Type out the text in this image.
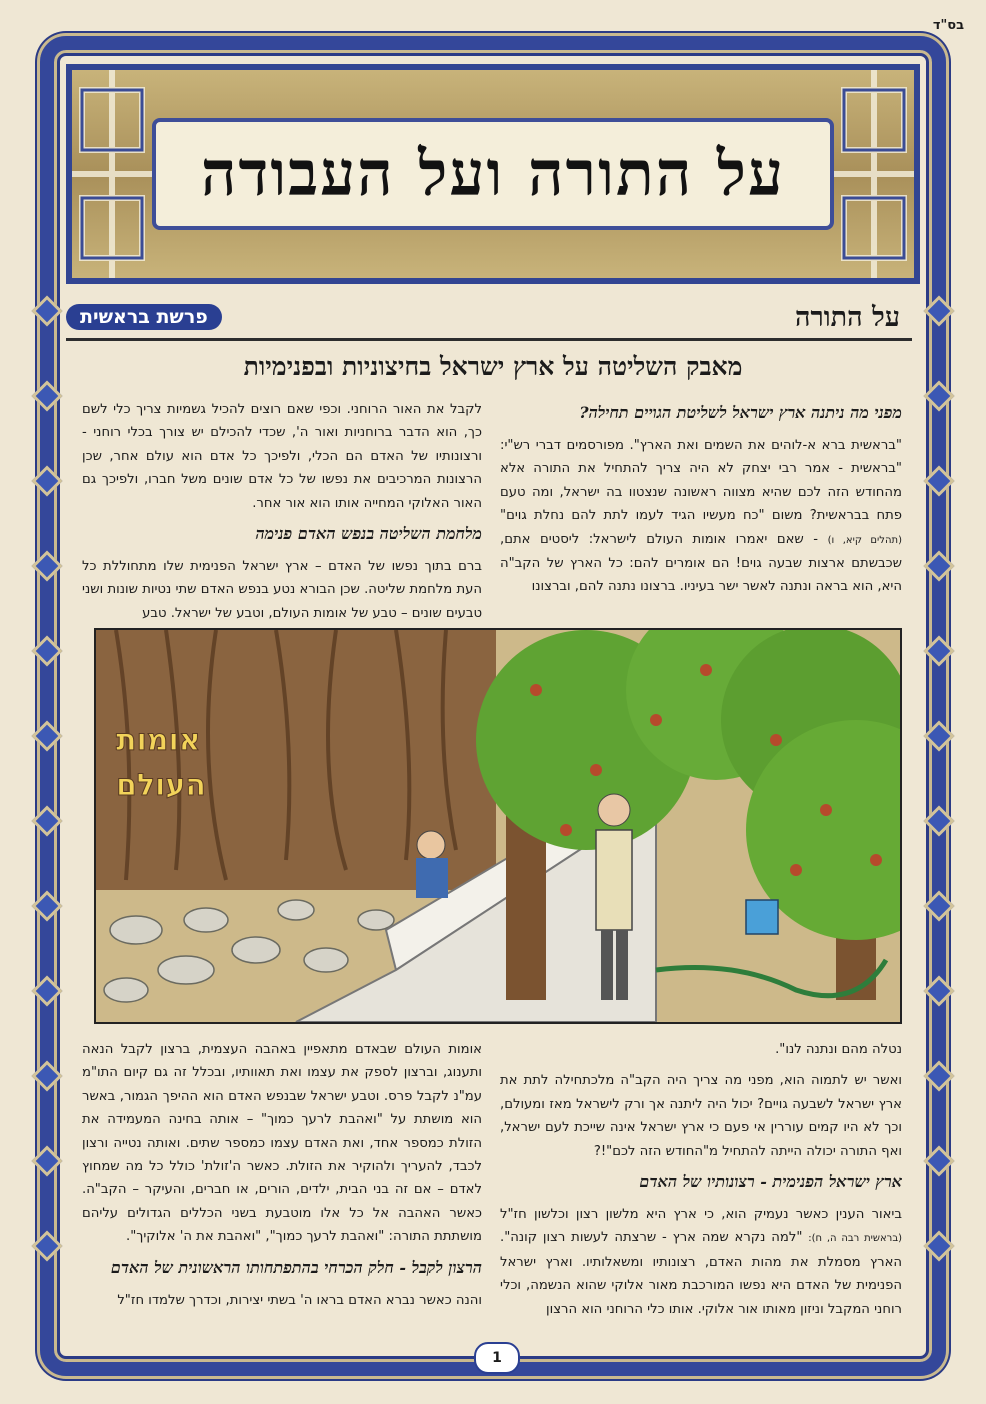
בס"ד
על התורה ועל העבודה
על התורה
פרשת בראשית
מאבק השליטה על ארץ ישראל בחיצוניות ובפנימיות
מפני מה ניתנה ארץ ישראל לשליטת הגויים תחילה?

"בראשית ברא א-לוהים את השמים ואת הארץ". מפורסמים דברי רש"י: "בראשית - אמר רבי יצחק לא היה צריך להתחיל את התורה אלא מהחודש הזה לכם שהיא מצווה ראשונה שנצטוו בה ישראל, ומה טעם פתח בבראשית? משום "כח מעשיו הגיד לעמו לתת להם נחלת גוים" (תהלים קיא, ו) - שאם יאמרו אומות העולם לישראל: ליסטים אתם, שכבשתם ארצות שבעה גוים! הם אומרים להם: כל הארץ של הקב"ה היא, הוא בראה ונתנה לאשר ישר בעיניו. ברצונו נתנה להם, וברצונו

לקבל את האור הרוחני. וכפי שאם רוצים להכיל גשמיות צריך כלי לשם כך, הוא הדבר ברוחניות ואור ה', שכדי להכילם יש צורך בכלי רוחני - ורצונותיו של האדם הם הכלי, ולפיכך כל אדם הוא עולם אחר, שכן הרצונות המרכיבים את נפשו של כל אדם שונים משל חברו, ולפיכך גם האור האלוקי המחייה אותו הוא אור אחר.

מלחמת השליטה בנפש האדם פנימה

ברם בתוך נפשו של האדם – ארץ ישראל הפנימית שלו מתחוללת כל העת מלחמת שליטה. שכן הבורא נטע בנפש האדם שתי נטיות שונות ושני טבעים שונים – טבע של אומות העולם, וטבע של ישראל. טבע

אומות
העולם

נטלה מהם ונתנה לנו".

ואשר יש לתמוה הוא, מפני מה צריך היה הקב"ה מלכתחילה לתת את ארץ ישראל לשבעה גויים? יכול היה ליתנה אך ורק לישראל מאז ומעולם, וכך לא היו קמים עוררין אי פעם כי ארץ ישראל אינה שייכת לעם ישראל, ואף התורה יכולה הייתה להתחיל מ"החודש הזה לכם"!?

ארץ ישראל הפנימית - רצונותיו של האדם

ביאור הענין כאשר נעמיק הוא, כי ארץ היא מלשון רצון וכלשון חז"ל (בראשית רבה ה, ח): "למה נקרא שמה ארץ - שרצתה לעשות רצון קונה". הארץ מסמלת את מהות האדם, רצונותיו ומשאלותיו. וארץ ישראל הפנימית של האדם היא נפשו המורכבת מאור אלוקי שהוא הנשמה, וכלי רוחני המקבל וניזון מאותו אור אלוקי. אותו כלי הרוחני הוא הרצון

אומות העולם שבאדם מתאפיין באהבה העצמית, ברצון לקבל הנאה ותענוג, וברצון לספק את עצמו ואת תאוותיו, ובכלל זה גם קיום התו"מ עמ"נ לקבל פרס. וטבע ישראל שבנפש האדם הוא ההיפך הגמור, באשר הוא מושתת על "ואהבת לרעך כמוך" – אותה בחינה המעמידה את הזולת כמספר אחד, ואת האדם עצמו כמספר שתים. ואותה נטייה ורצון לכבד, להעריך ולהוקיר את הזולת. כאשר ה'זולת' כולל כל מה שמחוץ לאדם – אם זה בני הבית, ילדים, הורים, או חברים, והעיקר – הקב"ה. כאשר האהבה אל כל אלו מוטבעת בשני הכללים הגדולים עליהם מושתתת התורה: "ואהבת לרעך כמוך", "ואהבת את ה' אלוקיך".

הרצון לקבל - חלק הכרחי בהתפתחותו הראשונית של האדם

והנה כאשר נברא האדם בראו ה' בשתי יצירות, וכדרך שלמדו חז"ל

1
